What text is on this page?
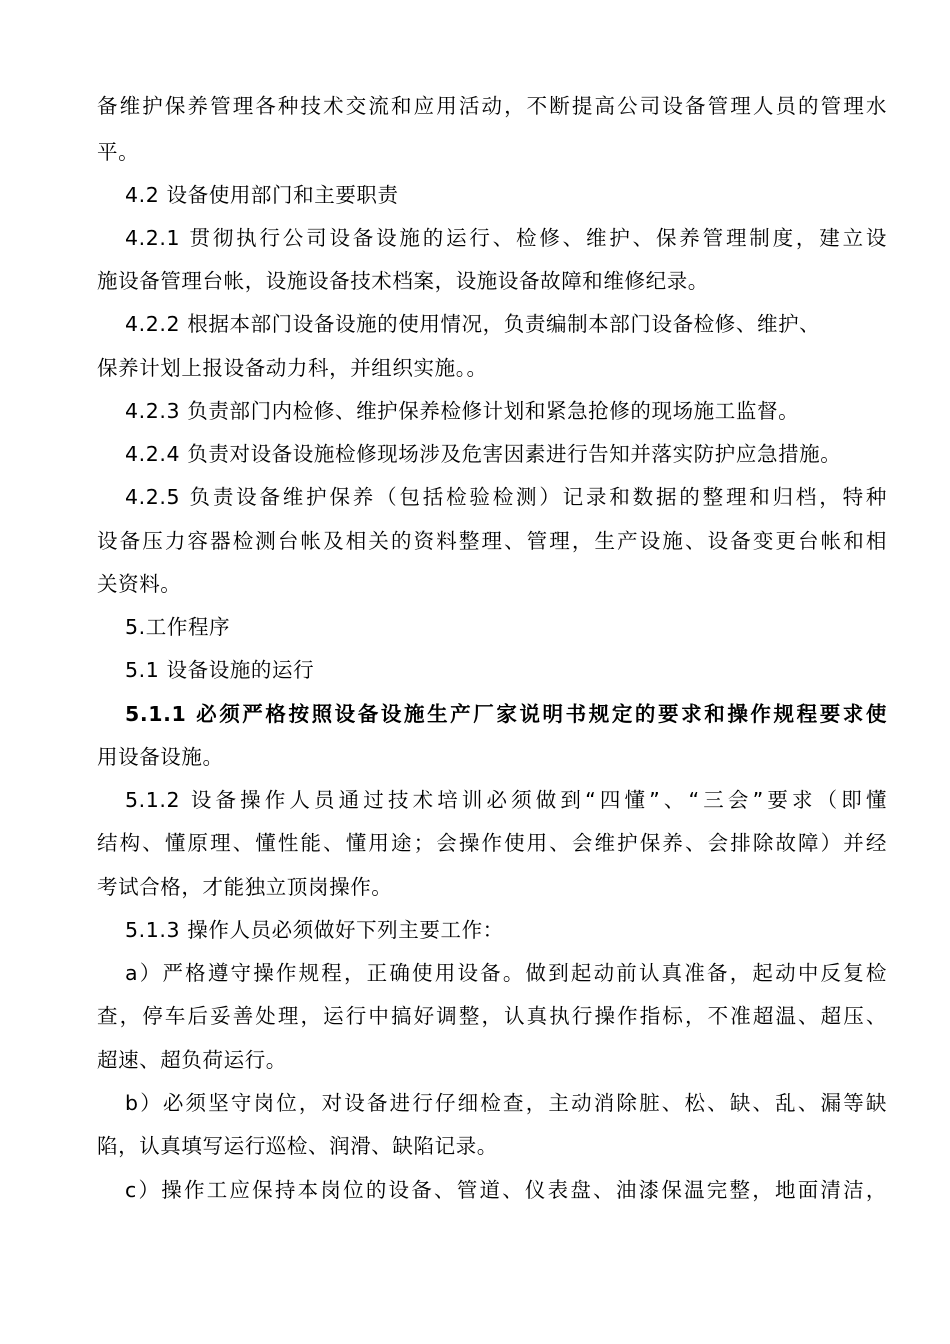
备维护保养管理各种技术交流和应用活动，不断提高公司设备管理人员的管理水
平。
4.2 设备使用部门和主要职责
4.2.1 贯彻执行公司设备设施的运行、检修、维护、保养管理制度，建立设
施设备管理台帐，设施设备技术档案，设施设备故障和维修纪录。
4.2.2 根据本部门设备设施的使用情况，负责编制本部门设备检修、维护、
保养计划上报设备动力科，并组织实施。。
4.2.3 负责部门内检修、维护保养检修计划和紧急抢修的现场施工监督。
4.2.4 负责对设备设施检修现场涉及危害因素进行告知并落实防护应急措施。
4.2.5 负责设备维护保养（包括检验检测）记录和数据的整理和归档，特种
设备压力容器检测台帐及相关的资料整理、管理，生产设施、设备变更台帐和相
关资料。
5.工作程序
5.1 设备设施的运行
5.1.1 必须严格按照设备设施生产厂家说明书规定的要求和操作规程要求使
用设备设施。
5.1.2 设备操作人员通过技术培训必须做到“四懂”、“三会”要求（即懂
结构、懂原理、懂性能、懂用途；会操作使用、会维护保养、会排除故障）并经
考试合格，才能独立顶岗操作。
5.1.3 操作人员必须做好下列主要工作：
a）严格遵守操作规程，正确使用设备。做到起动前认真准备，起动中反复检
查，停车后妥善处理，运行中搞好调整，认真执行操作指标，不准超温、超压、
超速、超负荷运行。
b）必须坚守岗位，对设备进行仔细检查，主动消除脏、松、缺、乱、漏等缺
陷，认真填写运行巡检、润滑、缺陷记录。
c）操作工应保持本岗位的设备、管道、仪表盘、油漆保温完整，地面清洁，
